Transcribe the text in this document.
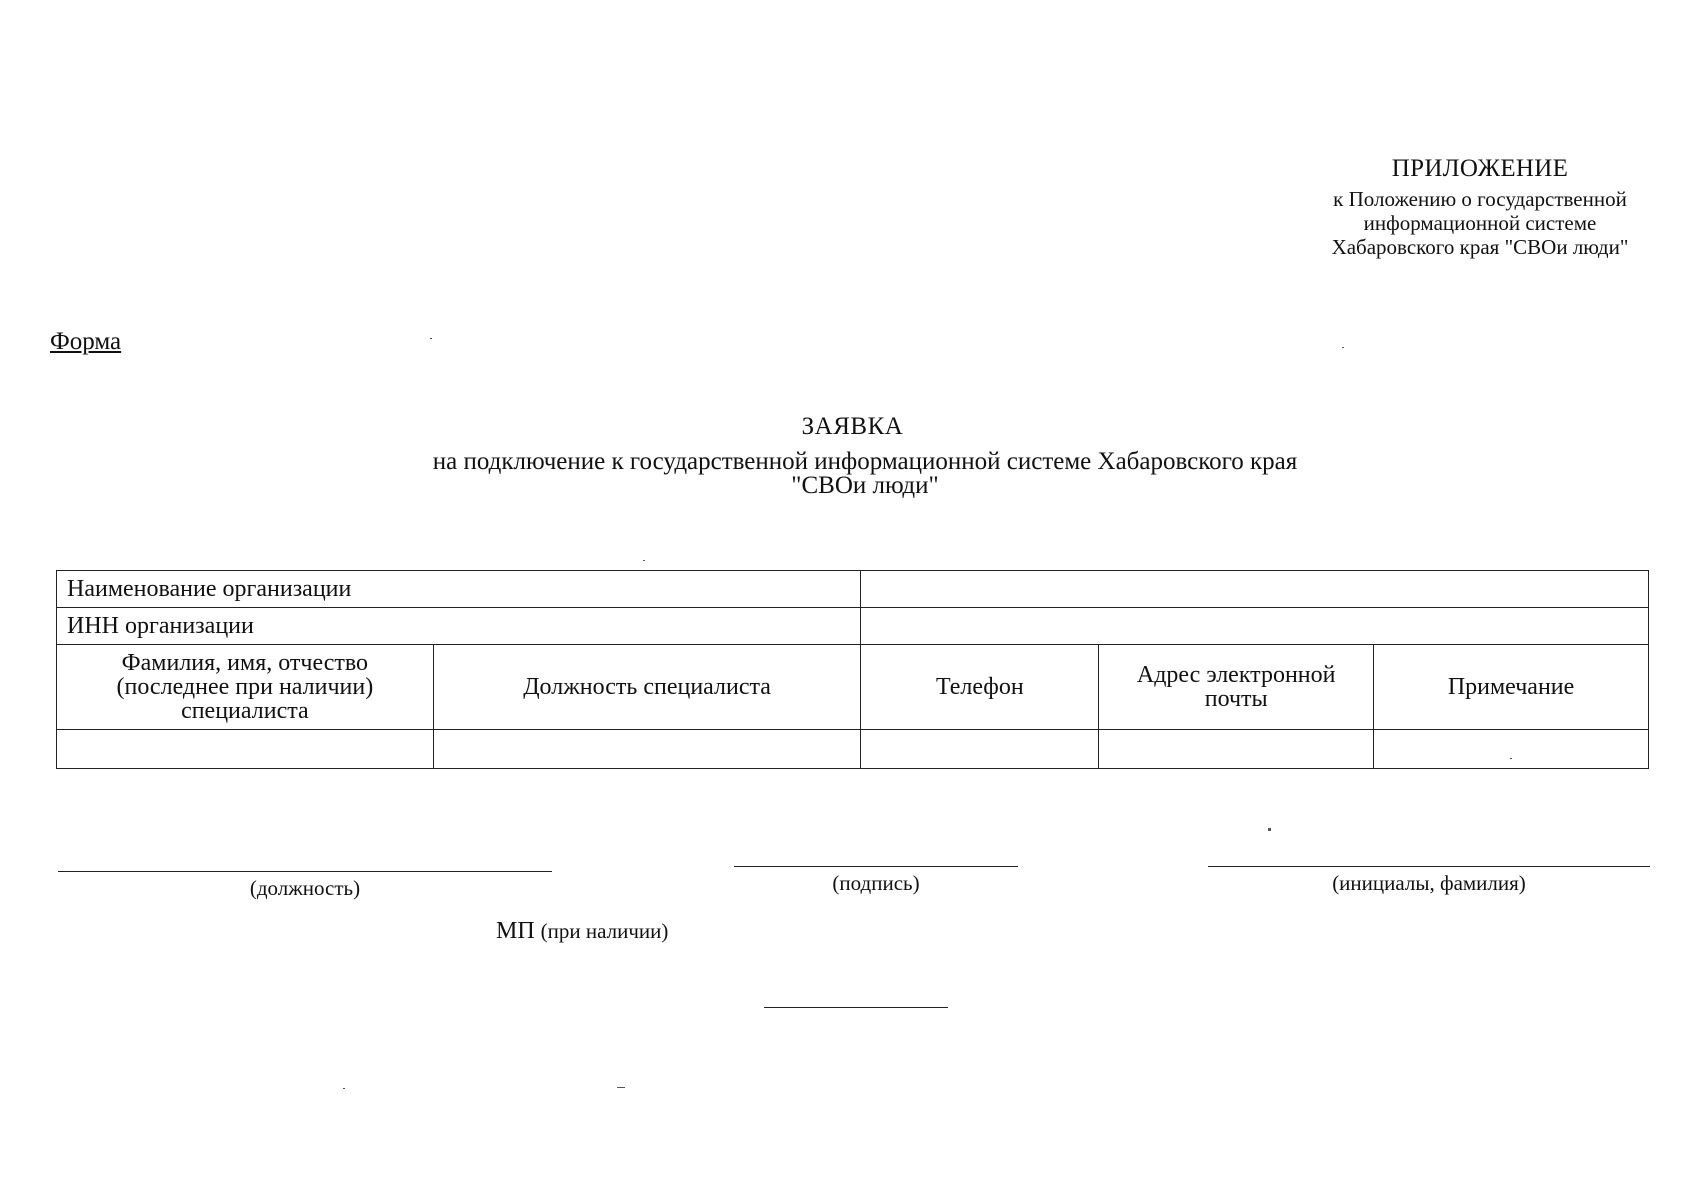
ПРИЛОЖЕНИЕ
к Положению о государственной
информационной системе
Хабаровского края "СВОи люди"
Форма
ЗАЯВКА
на подключение к государственной информационной системе Хабаровского края
"СВОи люди"
Наименование организации				
ИНН организации				
Фамилия, имя, отчество (последнее при наличии) специалиста	Должность специалиста	Телефон	Адрес электронной почты	Примечание

(должность)	(подпись)	(инициалы, фамилия)
МП (при наличии)
